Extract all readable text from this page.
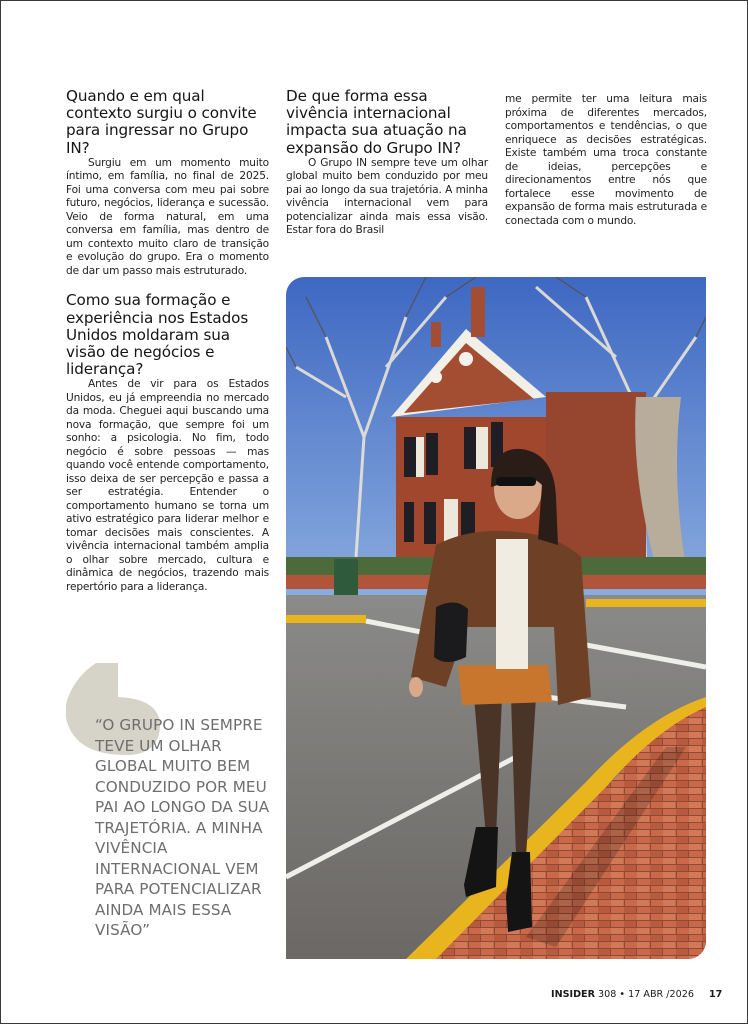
Quando e em qual contexto surgiu o convite para ingressar no Grupo IN?

Surgiu em um momento muito íntimo, em família, no final de 2025. Foi uma conversa com meu pai sobre futuro, negócios, liderança e sucessão. Veio de forma natural, em uma conversa em família, mas dentro de um contexto muito claro de transição e evolução do grupo. Era o momento de dar um passo mais estruturado.

Como sua formação e experiência nos Estados Unidos moldaram sua visão de negócios e liderança?

Antes de vir para os Estados Unidos, eu já empreendia no mercado da moda. Cheguei aqui buscando uma nova formação, que sempre foi um sonho: a psicologia. No fim, todo negócio é sobre pessoas — mas quando você entende comportamento, isso deixa de ser percepção e passa a ser estratégia. Entender o comportamento humano se torna um ativo estratégico para liderar melhor e tomar decisões mais conscientes. A vivência internacional também amplia o olhar sobre mercado, cultura e dinâmica de negócios, trazendo mais repertório para a liderança.

De que forma essa vivência internacional impacta sua atuação na expansão do Grupo IN?

O Grupo IN sempre teve um olhar global muito bem conduzido por meu pai ao longo da sua trajetória. A minha vivência internacional vem para potencializar ainda mais essa visão. Estar fora do Brasil

me permite ter uma leitura mais próxima de diferentes mercados, comportamentos e tendências, o que enriquece as decisões estratégicas. Existe também uma troca constante de ideias, percepções e direcionamentos entre nós que fortalece esse movimento de expansão de forma mais estruturada e conectada com o mundo.

“O GRUPO IN SEMPRE TEVE UM OLHAR GLOBAL MUITO BEM CONDUZIDO POR MEU PAI AO LONGO DA SUA TRAJETÓRIA. A MINHA VIVÊNCIA INTERNACIONAL VEM PARA POTENCIALIZAR AINDA MAIS ESSA VISÃO”
INSIDER 308 • 17 ABR /2026 17
